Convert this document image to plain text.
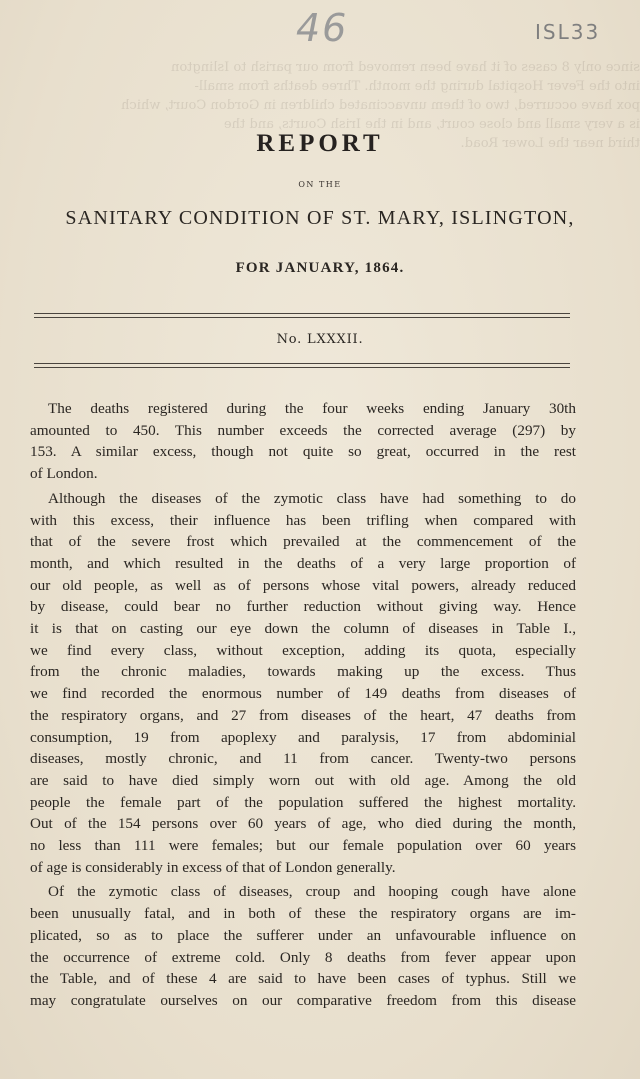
since only 8 cases of it have been removed from our parish to Islington
into the Fever Hospital during the month. Three deaths from small-
pox have occurred, two of them unvaccinated children in Gordon Court, which
is a very small and close court, and in the Irish Courts, and the
third near the Lower Road.
46	ISL33
REPORT
ON THE
SANITARY CONDITION OF ST. MARY, ISLINGTON,
FOR JANUARY, 1864.
No. LXXXII.
The deaths registered during the four weeks ending January 30th
amounted to 450. This number exceeds the corrected average (297) by
153. A similar excess, though not quite so great, occurred in the rest
of London.
Although the diseases of the zymotic class have had something to do
with this excess, their influence has been trifling when compared with
that of the severe frost which prevailed at the commencement of the
month, and which resulted in the deaths of a very large proportion of
our old people, as well as of persons whose vital powers, already reduced
by disease, could bear no further reduction without giving way. Hence
it is that on casting our eye down the column of diseases in Table I.,
we find every class, without exception, adding its quota, especially
from the chronic maladies, towards making up the excess. Thus
we find recorded the enormous number of 149 deaths from diseases of
the respiratory organs, and 27 from diseases of the heart, 47 deaths from
consumption, 19 from apoplexy and paralysis, 17 from abdominial
diseases, mostly chronic, and 11 from cancer. Twenty-two persons
are said to have died simply worn out with old age. Among the old
people the female part of the population suffered the highest mortality.
Out of the 154 persons over 60 years of age, who died during the month,
no less than 111 were females; but our female population over 60 years
of age is considerably in excess of that of London generally.
Of the zymotic class of diseases, croup and hooping cough have alone
been unusually fatal, and in both of these the respiratory organs are im-
plicated, so as to place the sufferer under an unfavourable influence on
the occurrence of extreme cold. Only 8 deaths from fever appear upon
the Table, and of these 4 are said to have been cases of typhus. Still we
may congratulate ourselves on our comparative freedom from this disease
